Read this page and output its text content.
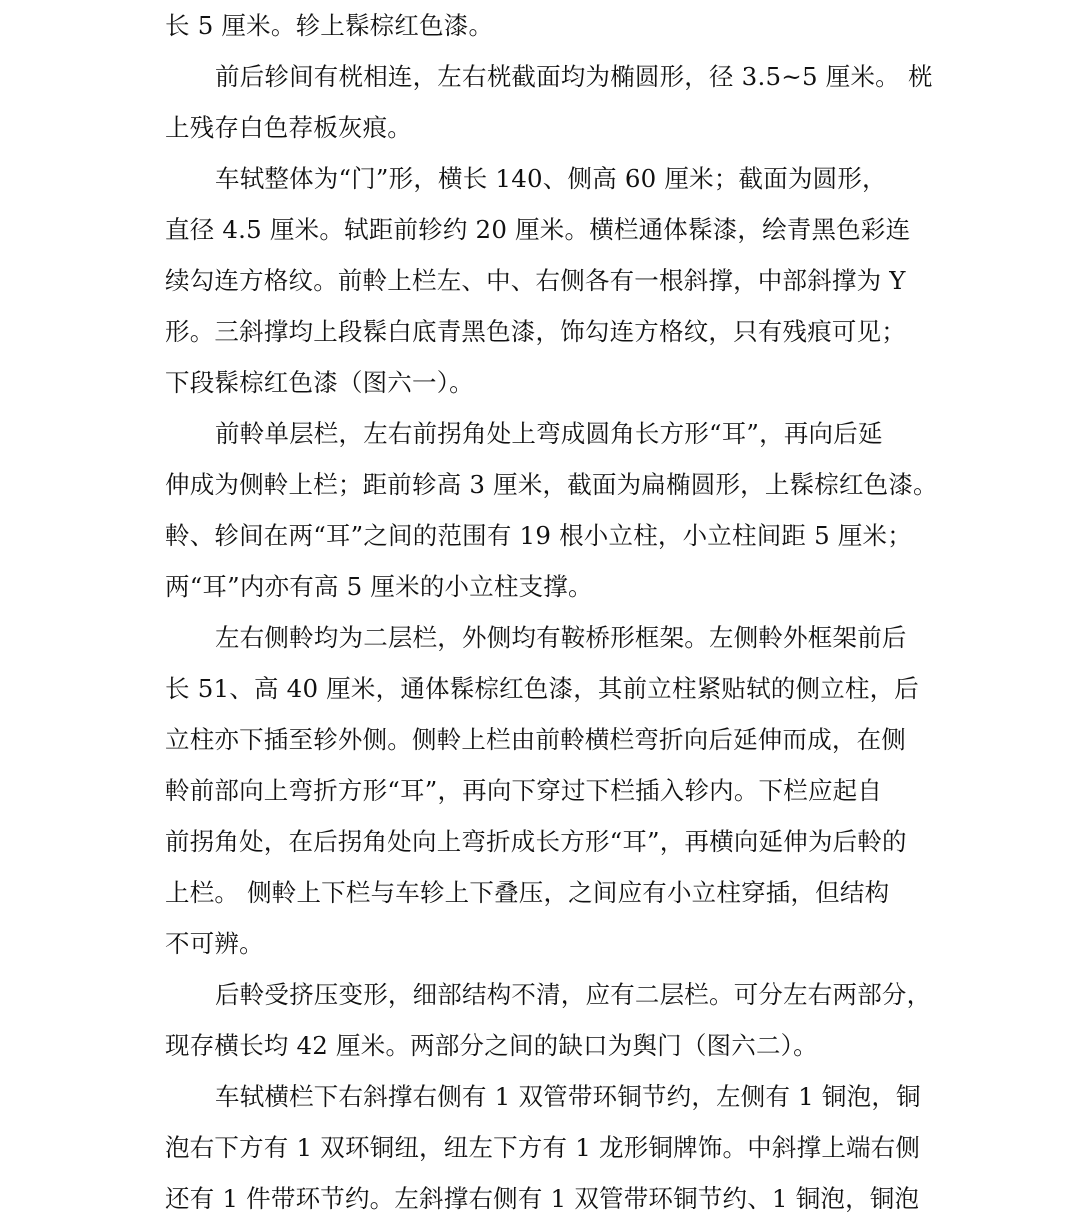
长 5 厘米。轸上髹棕红色漆。
前后轸间有桄相连，左右桄截面均为椭圆形，径 3.5~5 厘米。 桄
上残存白色荐板灰痕。
车轼整体为“门”形，横长 140、侧高 60 厘米；截面为圆形，
直径 4.5 厘米。轼距前轸约 20 厘米。横栏通体髹漆，绘青黑色彩连
续勾连方格纹。前軨上栏左、中、右侧各有一根斜撑，中部斜撑为 Y
形。三斜撑均上段髹白底青黑色漆，饰勾连方格纹，只有残痕可见；
下段髹棕红色漆（图六一）。
前軨单层栏，左右前拐角处上弯成圆角长方形“耳”，再向后延
伸成为侧軨上栏；距前轸高 3 厘米，截面为扁椭圆形，上髹棕红色漆。
軨、轸间在两“耳”之间的范围有 19 根小立柱，小立柱间距 5 厘米；
两“耳”内亦有高 5 厘米的小立柱支撑。
左右侧軨均为二层栏，外侧均有鞍桥形框架。左侧軨外框架前后
长 51、高 40 厘米，通体髹棕红色漆，其前立柱紧贴轼的侧立柱，后
立柱亦下插至轸外侧。侧軨上栏由前軨横栏弯折向后延伸而成，在侧
軨前部向上弯折方形“耳”，再向下穿过下栏插入轸内。下栏应起自
前拐角处，在后拐角处向上弯折成长方形“耳”，再横向延伸为后軨的
上栏。 侧軨上下栏与车轸上下叠压，之间应有小立柱穿插，但结构
不可辨。
后軨受挤压变形，细部结构不清，应有二层栏。可分左右两部分，
现存横长均 42 厘米。两部分之间的缺口为舆门（图六二）。
车轼横栏下右斜撑右侧有 1 双管带环铜节约，左侧有 1 铜泡，铜
泡右下方有 1 双环铜纽，纽左下方有 1 龙形铜牌饰。中斜撑上端右侧
还有 1 件带环节约。左斜撑右侧有 1 双管带环铜节约、1 铜泡，铜泡
